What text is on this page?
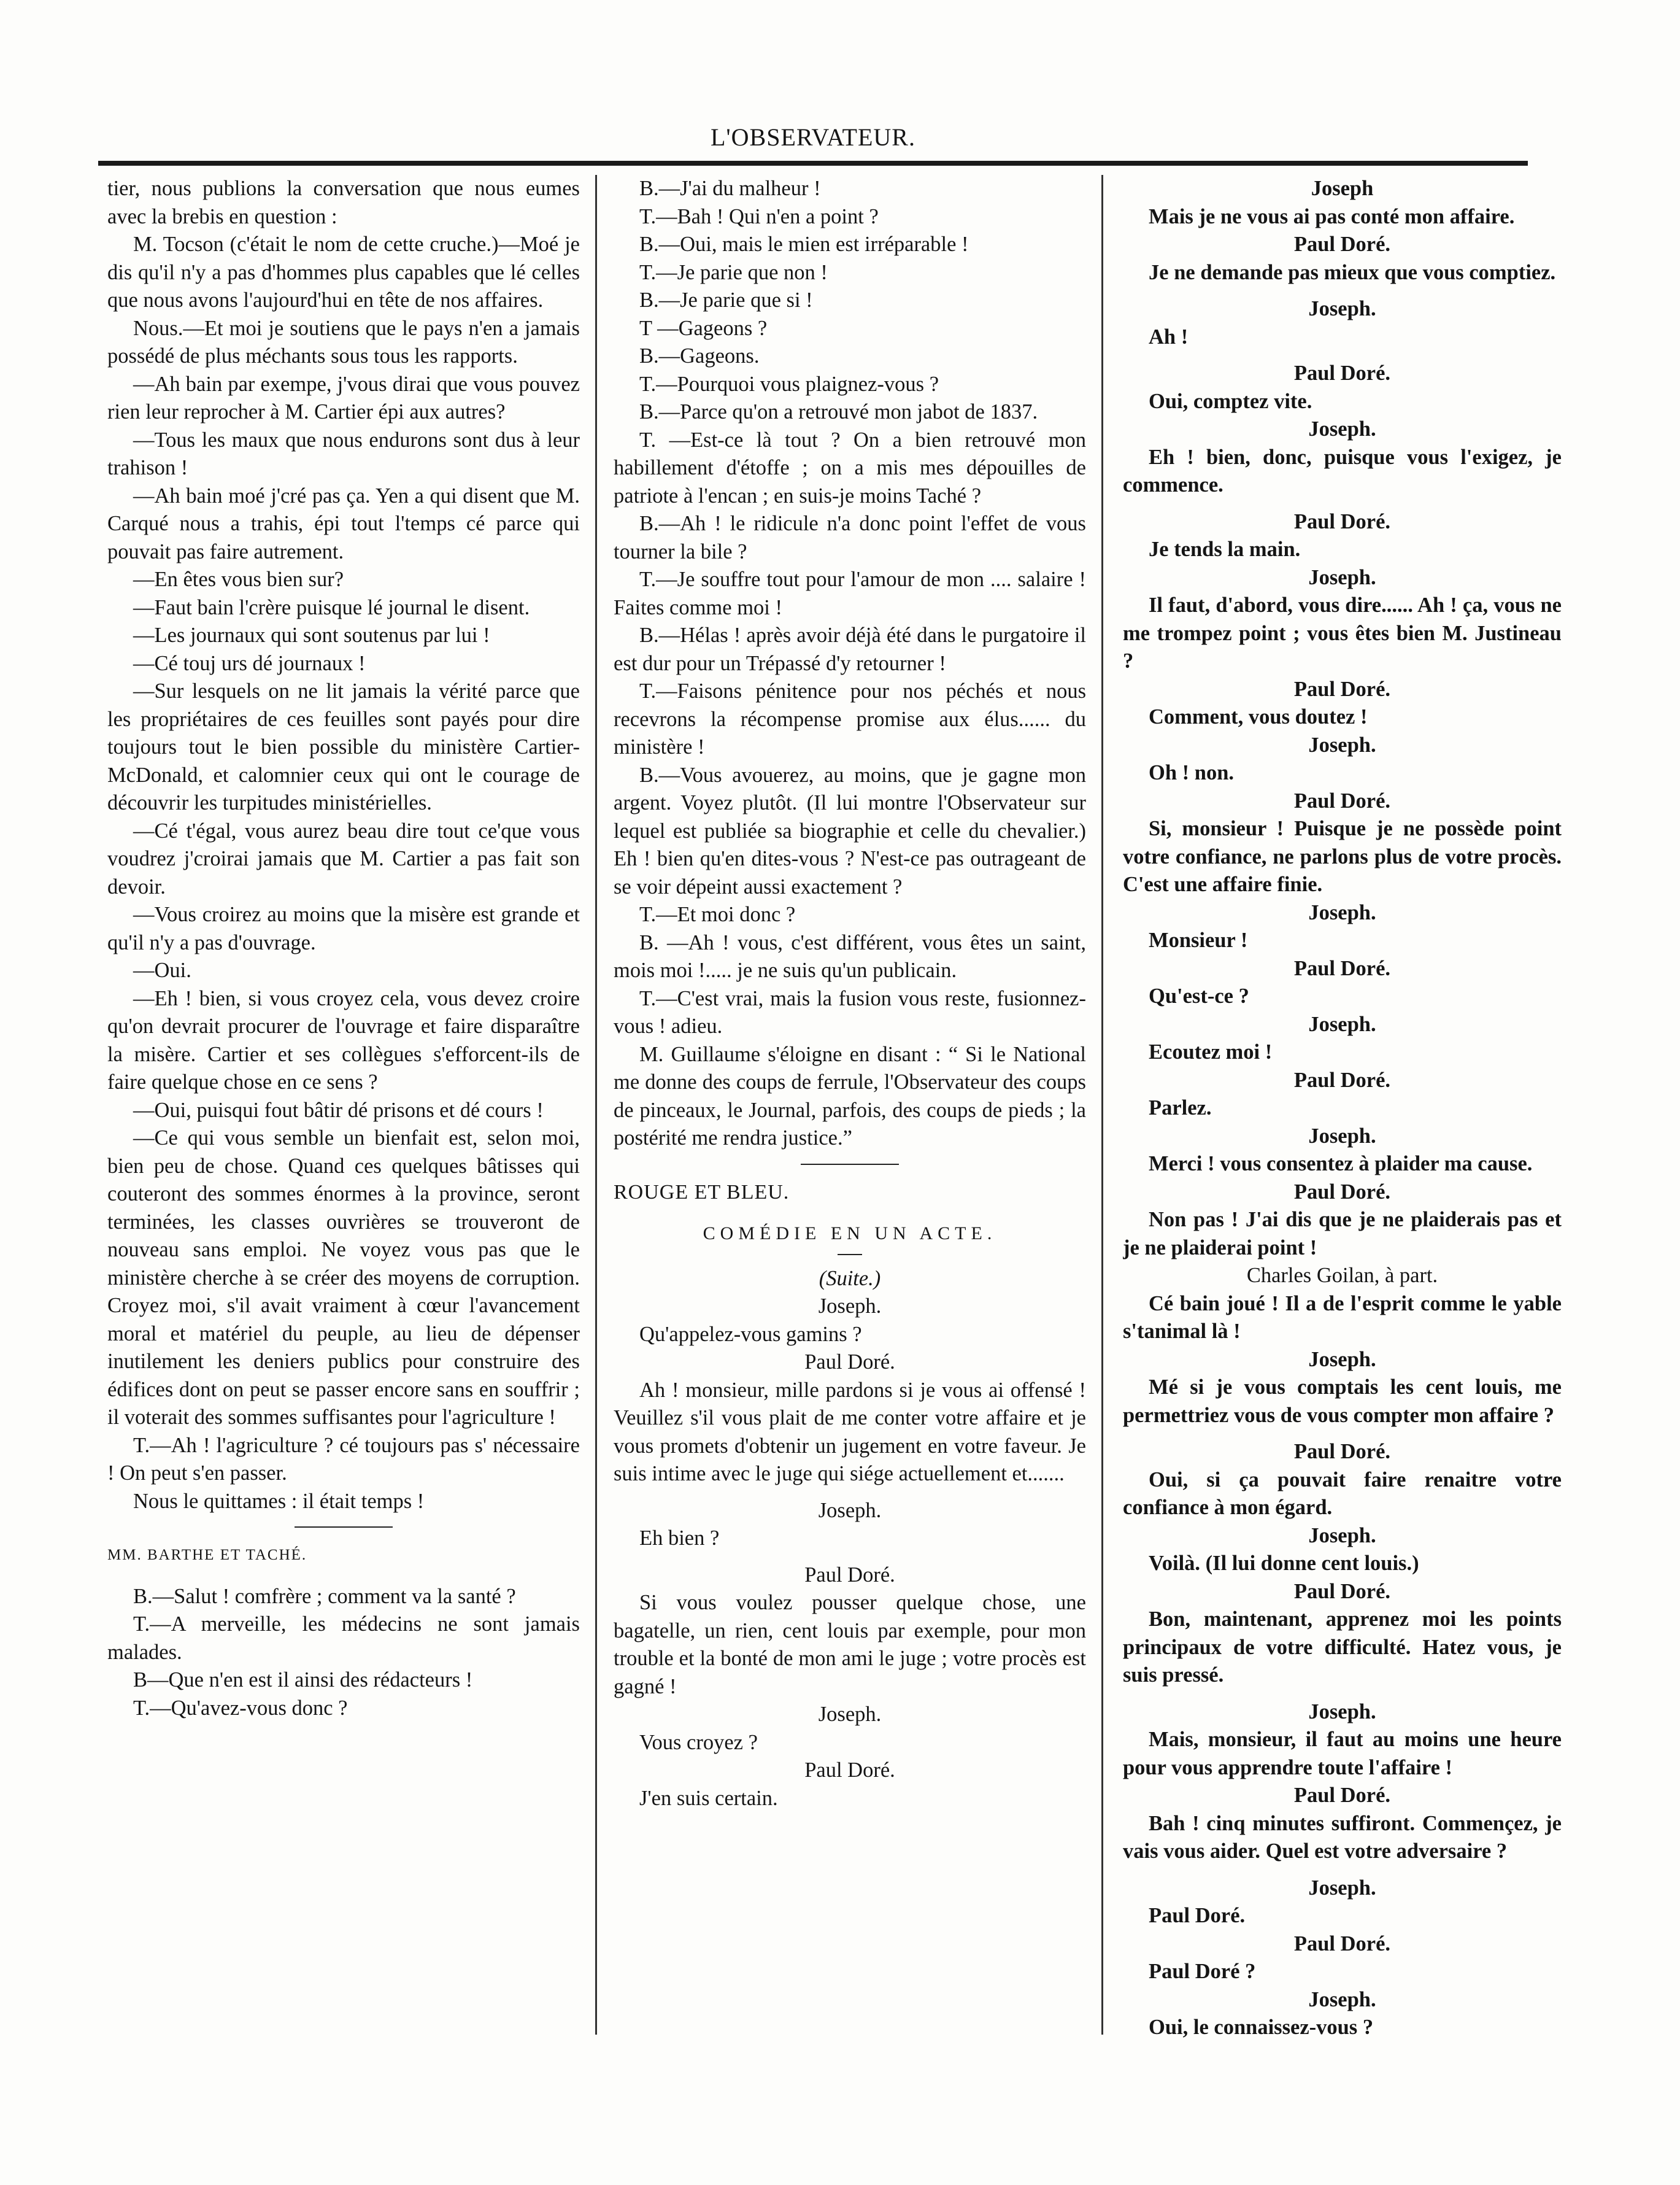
L'OBSERVATEUR.

tier, nous publions la conversation que nous eumes avec la brebis en question :

M. Tocson (c'était le nom de cette cruche.)—Moé je dis qu'il n'y a pas d'hommes plus capables que lé celles que nous avons l'aujourd'hui en tête de nos affaires.

Nous.—Et moi je soutiens que le pays n'en a jamais possédé de plus méchants sous tous les rapports.

—Ah bain par exempe, j'vous dirai que vous pouvez rien leur reprocher à M. Cartier épi aux autres?

—Tous les maux que nous endurons sont dus à leur trahison !

—Ah bain moé j'cré pas ça. Yen a qui disent que M. Carqué nous a trahis, épi tout l'temps cé parce qui pouvait pas faire autrement.

—En êtes vous bien sur?

—Faut bain l'crère puisque lé journal le disent.

—Les journaux qui sont soutenus par lui !

—Cé touj urs dé journaux !

—Sur lesquels on ne lit jamais la vérité parce que les propriétaires de ces feuilles sont payés pour dire toujours tout le bien possible du ministère Cartier-McDonald, et calomnier ceux qui ont le courage de découvrir les turpitudes ministérielles.

—Cé t'égal, vous aurez beau dire tout ce'que vous voudrez j'croirai jamais que M. Cartier a pas fait son devoir.

—Vous croirez au moins que la misère est grande et qu'il n'y a pas d'ouvrage.

—Oui.

—Eh ! bien, si vous croyez cela, vous devez croire qu'on devrait procurer de l'ouvrage et faire disparaître la misère. Cartier et ses collègues s'efforcent-ils de faire quelque chose en ce sens ?

—Oui, puisqui fout bâtir dé prisons et dé cours !

—Ce qui vous semble un bienfait est, selon moi, bien peu de chose. Quand ces quelques bâtisses qui couteront des sommes énormes à la province, seront terminées, les classes ouvrières se trouveront de nouveau sans emploi. Ne voyez vous pas que le ministère cherche à se créer des moyens de corruption. Croyez moi, s'il avait vraiment à cœur l'avancement moral et matériel du peuple, au lieu de dépenser inutilement les deniers publics pour construire des édifices dont on peut se passer encore sans en souffrir ; il voterait des sommes suffisantes pour l'agriculture !

T.—Ah ! l'agriculture ? cé toujours pas s' nécessaire ! On peut s'en passer.

Nous le quittames : il était temps !

MM. BARTHE ET TACHÉ.

B.—Salut ! comfrère ; comment va la santé ?

T.—A merveille, les médecins ne sont jamais malades.

B—Que n'en est il ainsi des rédacteurs !

T.—Qu'avez-vous donc ?

B.—J'ai du malheur !

T.—Bah ! Qui n'en a point ?

B.—Oui, mais le mien est irréparable !

T.—Je parie que non !

B.—Je parie que si !

T —Gageons ?

B.—Gageons.

T.—Pourquoi vous plaignez-vous ?

B.—Parce qu'on a retrouvé mon jabot de 1837.

T. —Est-ce là tout ? On a bien retrouvé mon habillement d'étoffe ; on a mis mes dépouilles de patriote à l'encan ; en suis-je moins Taché ?

B.—Ah ! le ridicule n'a donc point l'effet de vous tourner la bile ?

T.—Je souffre tout pour l'amour de mon .... salaire ! Faites comme moi !

B.—Hélas ! après avoir déjà été dans le purgatoire il est dur pour un Trépassé d'y retourner !

T.—Faisons pénitence pour nos péchés et nous recevrons la récompense promise aux élus...... du ministère !

B.—Vous avouerez, au moins, que je gagne mon argent. Voyez plutôt. (Il lui montre l'Observateur sur lequel est publiée sa biographie et celle du chevalier.) Eh ! bien qu'en dites-vous ? N'est-ce pas outrageant de se voir dépeint aussi exactement ?

T.—Et moi donc ?

B. —Ah ! vous, c'est différent, vous êtes un saint, mois moi !..... je ne suis qu'un publicain.

T.—C'est vrai, mais la fusion vous reste, fusionnez-vous ! adieu.

M. Guillaume s'éloigne en disant : “ Si le National me donne des coups de ferrule, l'Observateur des coups de pinceaux, le Journal, parfois, des coups de pieds ; la postérité me rendra justice.”

ROUGE ET BLEU.

COMÉDIE EN UN ACTE.

(Suite.)

Joseph.

Qu'appelez-vous gamins ?

Paul Doré.

Ah ! monsieur, mille pardons si je vous ai offensé ! Veuillez s'il vous plait de me conter votre affaire et je vous promets d'obtenir un jugement en votre faveur. Je suis intime avec le juge qui siége actuellement et.......

Joseph.

Eh bien ?

Paul Doré.

Si vous voulez pousser quelque chose, une bagatelle, un rien, cent louis par exemple, pour mon trouble et la bonté de mon ami le juge ; votre procès est gagné !

Joseph.

Vous croyez ?

Paul Doré.

J'en suis certain.

Joseph

Mais je ne vous ai pas conté mon affaire.

Paul Doré.

Je ne demande pas mieux que vous comptiez.

Joseph.

Ah !

Paul Doré.

Oui, comptez vite.

Joseph.

Eh ! bien, donc, puisque vous l'exigez, je commence.

Paul Doré.

Je tends la main.

Joseph.

Il faut, d'abord, vous dire...... Ah ! ça, vous ne me trompez point ; vous êtes bien M. Justineau ?

Paul Doré.

Comment, vous doutez !

Joseph.

Oh ! non.

Paul Doré.

Si, monsieur ! Puisque je ne possède point votre confiance, ne parlons plus de votre procès. C'est une affaire finie.

Joseph.

Monsieur !

Paul Doré.

Qu'est-ce ?

Joseph.

Ecoutez moi !

Paul Doré.

Parlez.

Joseph.

Merci ! vous consentez à plaider ma cause.

Paul Doré.

Non pas ! J'ai dis que je ne plaiderais pas et je ne plaiderai point !

Charles Goilan, à part.

Cé bain joué ! Il a de l'esprit comme le yable s'tanimal là !

Joseph.

Mé si je vous comptais les cent louis, me permettriez vous de vous compter mon affaire ?

Paul Doré.

Oui, si ça pouvait faire renaitre votre confiance à mon égard.

Joseph.

Voilà. (Il lui donne cent louis.)

Paul Doré.

Bon, maintenant, apprenez moi les points principaux de votre difficulté. Hatez vous, je suis pressé.

Joseph.

Mais, monsieur, il faut au moins une heure pour vous apprendre toute l'affaire !

Paul Doré.

Bah ! cinq minutes suffiront. Commençez, je vais vous aider. Quel est votre adversaire ?

Joseph.

Paul Doré.

Paul Doré.

Paul Doré ?

Joseph.

Oui, le connaissez-vous ?
